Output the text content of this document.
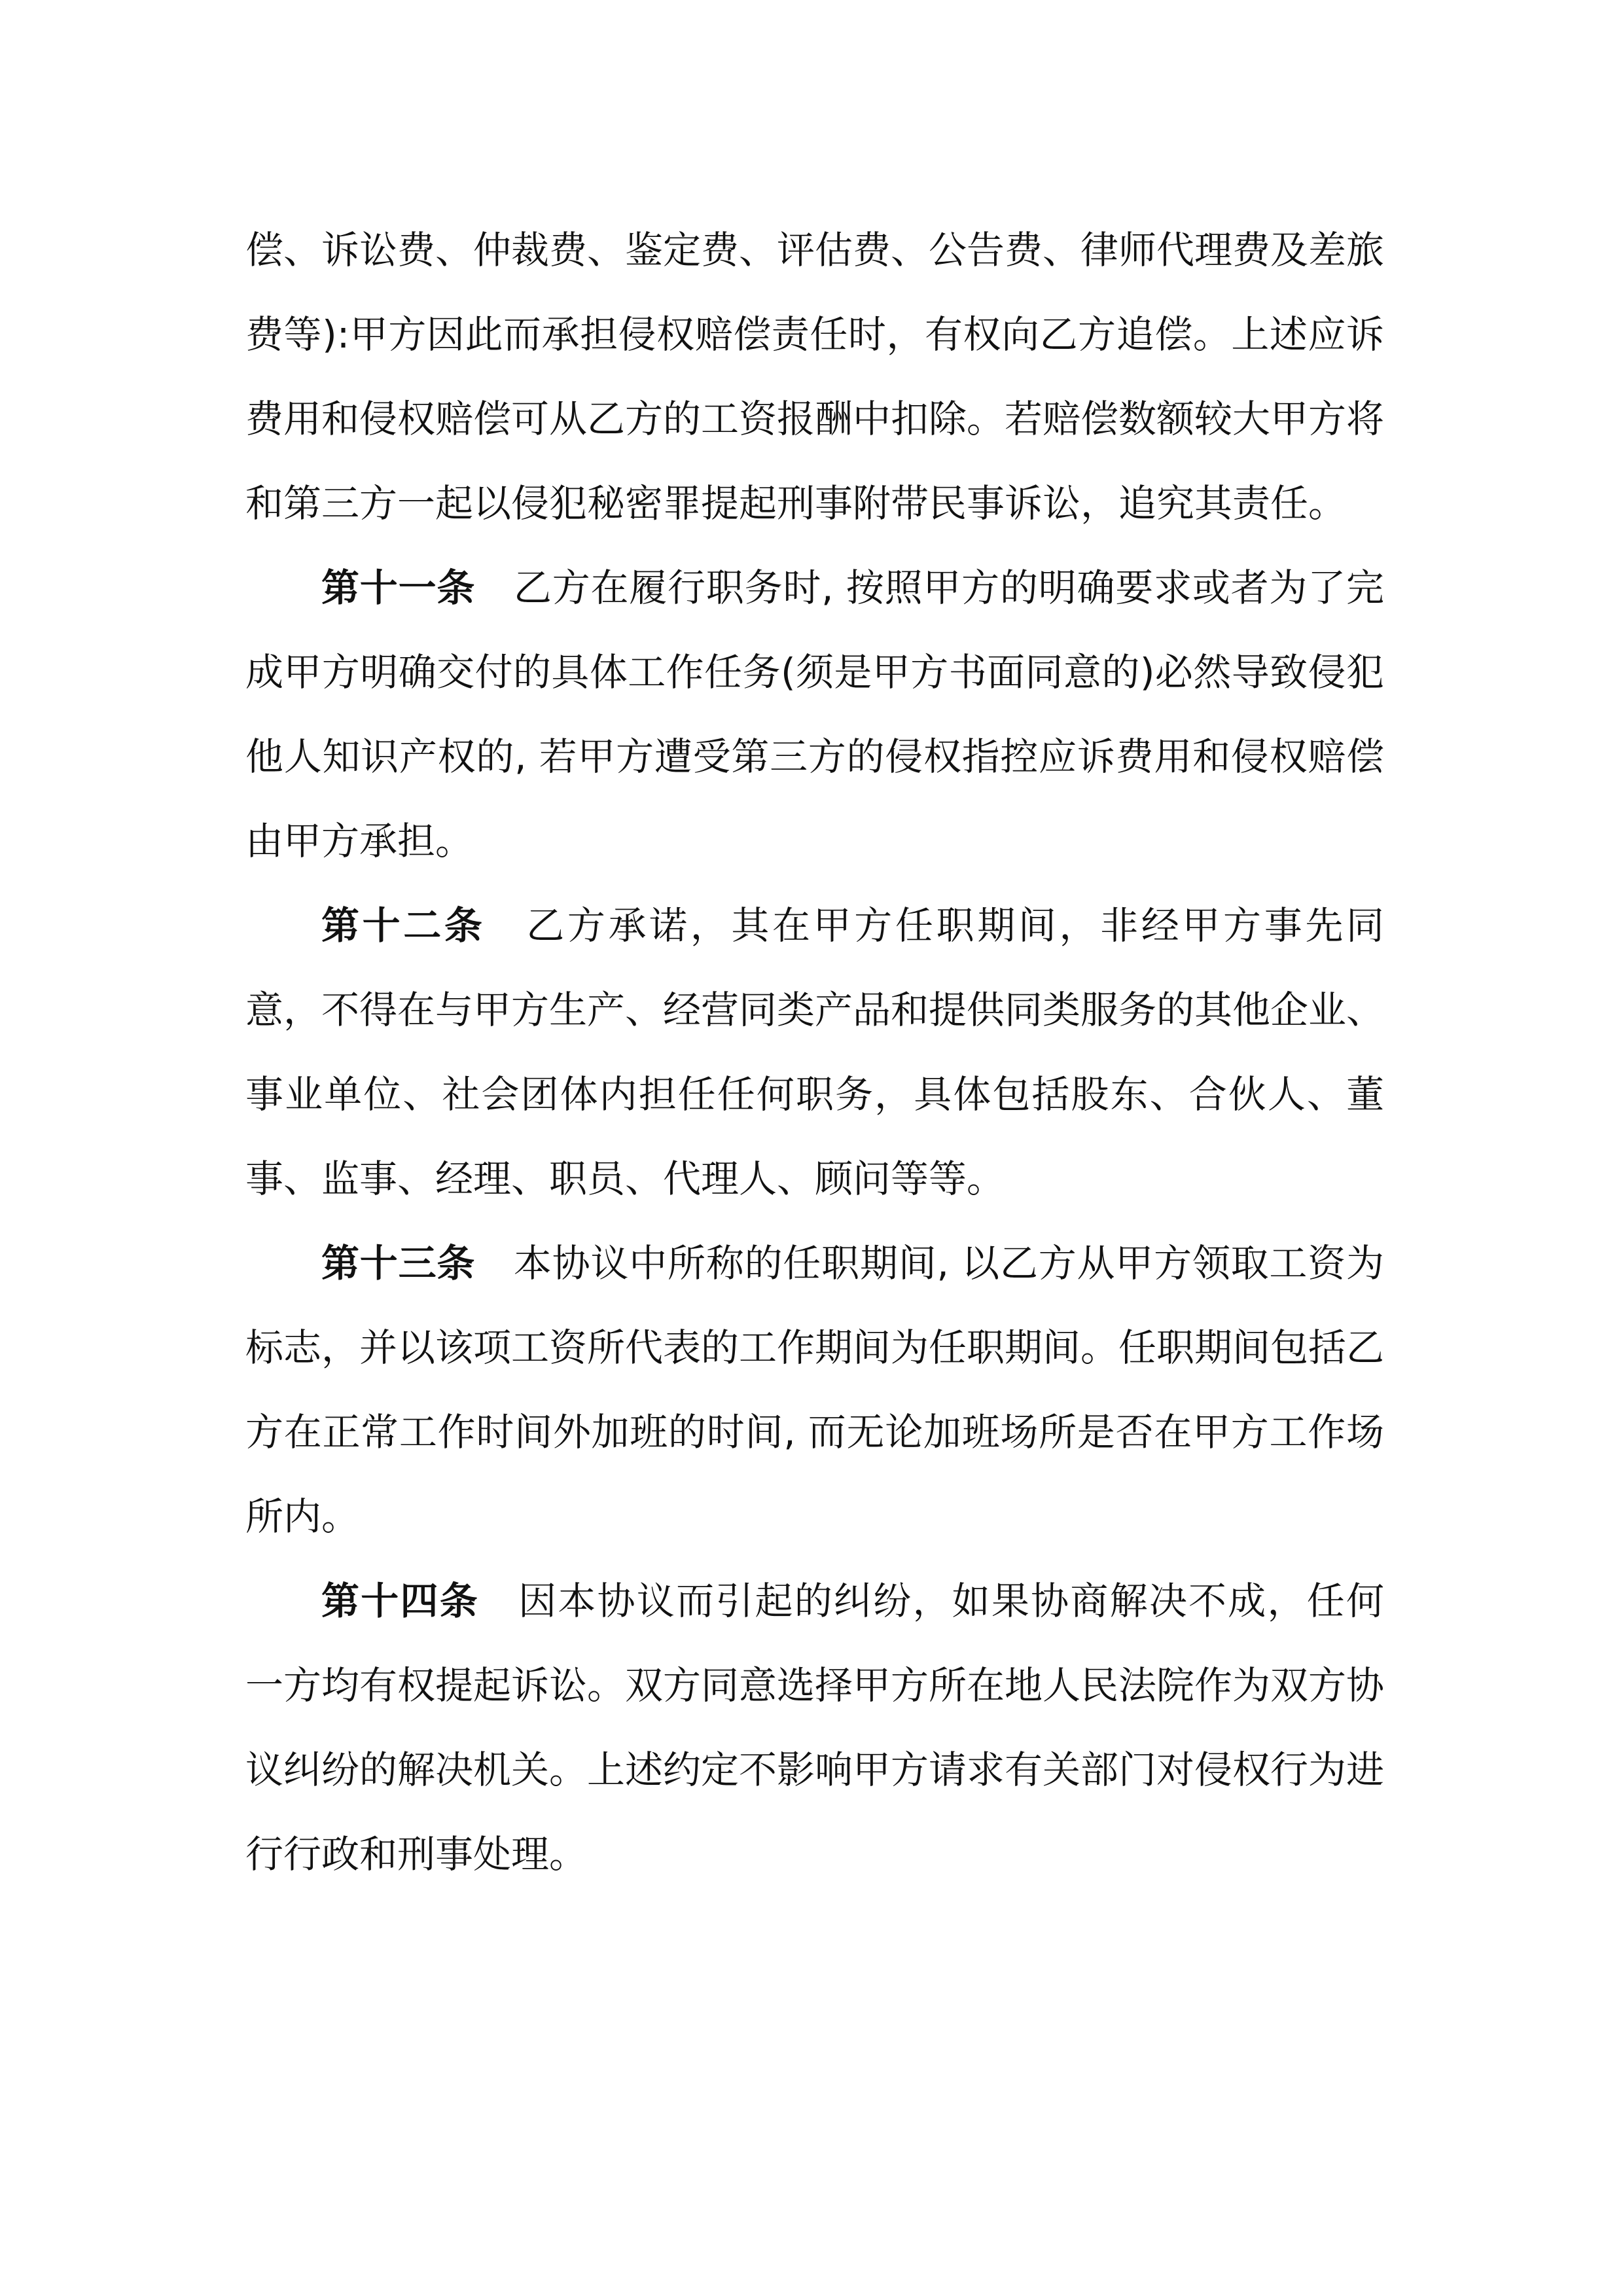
偿、诉讼费、仲裁费、鉴定费、评估费、公告费、律师代理费及差旅费等):甲方因此而承担侵权赔偿责任时，有权向乙方追偿。上述应诉费用和侵权赔偿可从乙方的工资报酬中扣除。若赔偿数额较大甲方将和第三方一起以侵犯秘密罪提起刑事附带民事诉讼，追究其责任。

第十一条 乙方在履行职务时, 按照甲方的明确要求或者为了完成甲方明确交付的具体工作任务(须是甲方书面同意的)必然导致侵犯他人知识产权的, 若甲方遭受第三方的侵权指控应诉费用和侵权赔偿由甲方承担。

第十二条 乙方承诺，其在甲方任职期间，非经甲方事先同意，不得在与甲方生产、经营同类产品和提供同类服务的其他企业、事业单位、社会团体内担任任何职务，具体包括股东、合伙人、董事、监事、经理、职员、代理人、顾问等等。

第十三条 本协议中所称的任职期间, 以乙方从甲方领取工资为标志，并以该项工资所代表的工作期间为任职期间。任职期间包括乙方在正常工作时间外加班的时间, 而无论加班场所是否在甲方工作场所内。

第十四条 因本协议而引起的纠纷，如果协商解决不成，任何一方均有权提起诉讼。双方同意选择甲方所在地人民法院作为双方协议纠纷的解决机关。上述约定不影响甲方请求有关部门对侵权行为进行行政和刑事处理。
